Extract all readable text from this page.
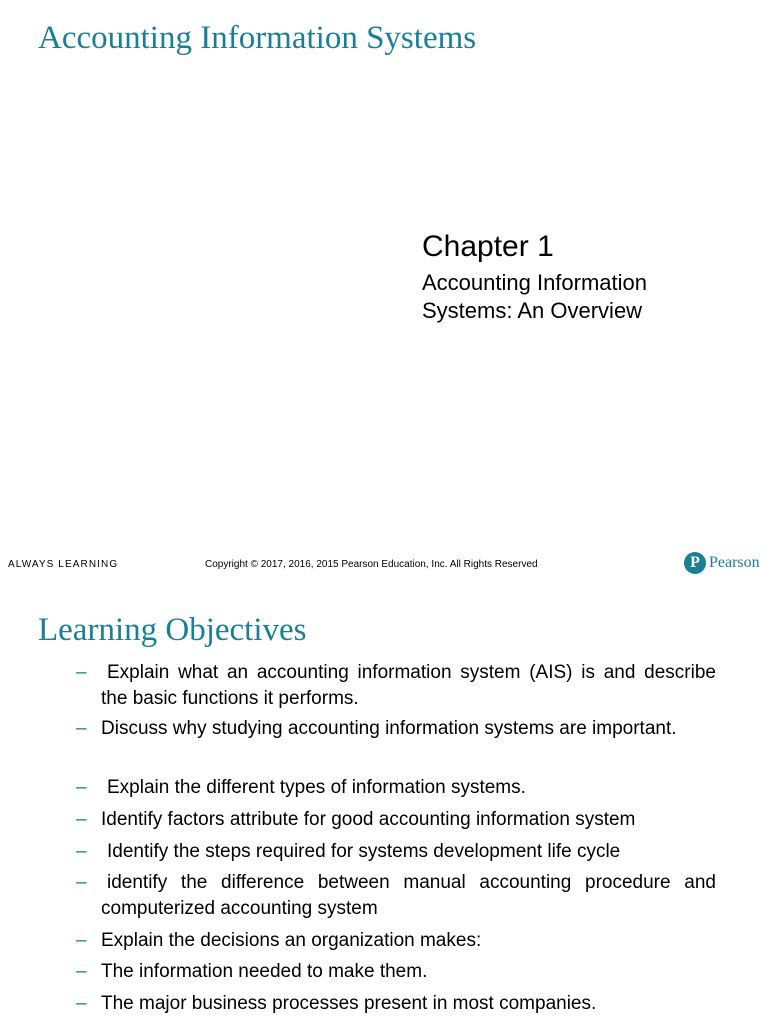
Accounting Information Systems
Chapter 1
Accounting Information Systems: An Overview
ALWAYS LEARNING	Copyright © 2017, 2016, 2015 Pearson Education, Inc. All Rights Reserved	P Pearson
Learning Objectives
–	Explain what an accounting information system (AIS) is and describe the basic functions it performs.
– Discuss why studying accounting information systems are important.
–	Explain the different types of information systems.
– Identify factors attribute for good accounting information system
–	Identify the steps required for systems development life cycle
–	identify the difference between manual accounting procedure and computerized accounting system
– Explain the decisions an organization makes:
– The information needed to make them.
– The major business processes present in most companies.
